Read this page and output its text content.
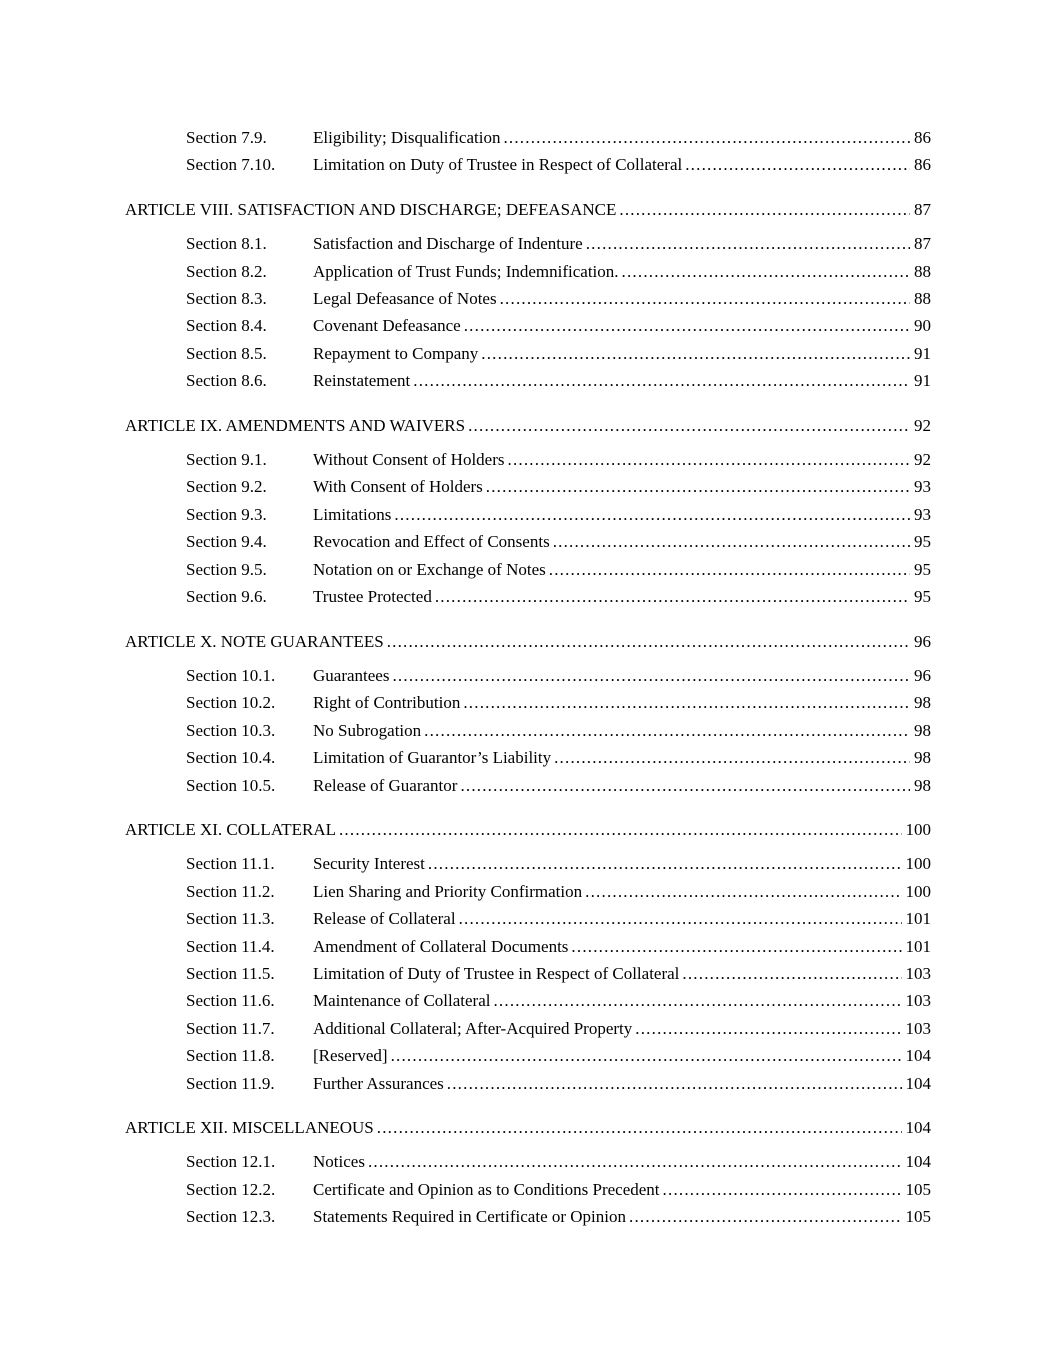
Section 7.9.	Eligibility; Disqualification .....	86
Section 7.10.	Limitation on Duty of Trustee in Respect of Collateral .....	86
ARTICLE VIII. SATISFACTION AND DISCHARGE; DEFEASANCE .....	87
Section 8.1.	Satisfaction and Discharge of Indenture .....	87
Section 8.2.	Application of Trust Funds; Indemnification. .....	88
Section 8.3.	Legal Defeasance of Notes .....	88
Section 8.4.	Covenant Defeasance .....	90
Section 8.5.	Repayment to Company .....	91
Section 8.6.	Reinstatement .....	91
ARTICLE IX. AMENDMENTS AND WAIVERS .....	92
Section 9.1.	Without Consent of Holders .....	92
Section 9.2.	With Consent of Holders .....	93
Section 9.3.	Limitations .....	93
Section 9.4.	Revocation and Effect of Consents .....	95
Section 9.5.	Notation on or Exchange of Notes .....	95
Section 9.6.	Trustee Protected .....	95
ARTICLE X. NOTE GUARANTEES .....	96
Section 10.1.	Guarantees .....	96
Section 10.2.	Right of Contribution .....	98
Section 10.3.	No Subrogation .....	98
Section 10.4.	Limitation of Guarantor’s Liability .....	98
Section 10.5.	Release of Guarantor .....	98
ARTICLE XI. COLLATERAL .....	100
Section 11.1.	Security Interest .....	100
Section 11.2.	Lien Sharing and Priority Confirmation .....	100
Section 11.3.	Release of Collateral .....	101
Section 11.4.	Amendment of Collateral Documents .....	101
Section 11.5.	Limitation of Duty of Trustee in Respect of Collateral .....	103
Section 11.6.	Maintenance of Collateral .....	103
Section 11.7.	Additional Collateral; After-Acquired Property .....	103
Section 11.8.	[Reserved] .....	104
Section 11.9.	Further Assurances .....	104
ARTICLE XII. MISCELLANEOUS .....	104
Section 12.1.	Notices .....	104
Section 12.2.	Certificate and Opinion as to Conditions Precedent .....	105
Section 12.3.	Statements Required in Certificate or Opinion .....	105
